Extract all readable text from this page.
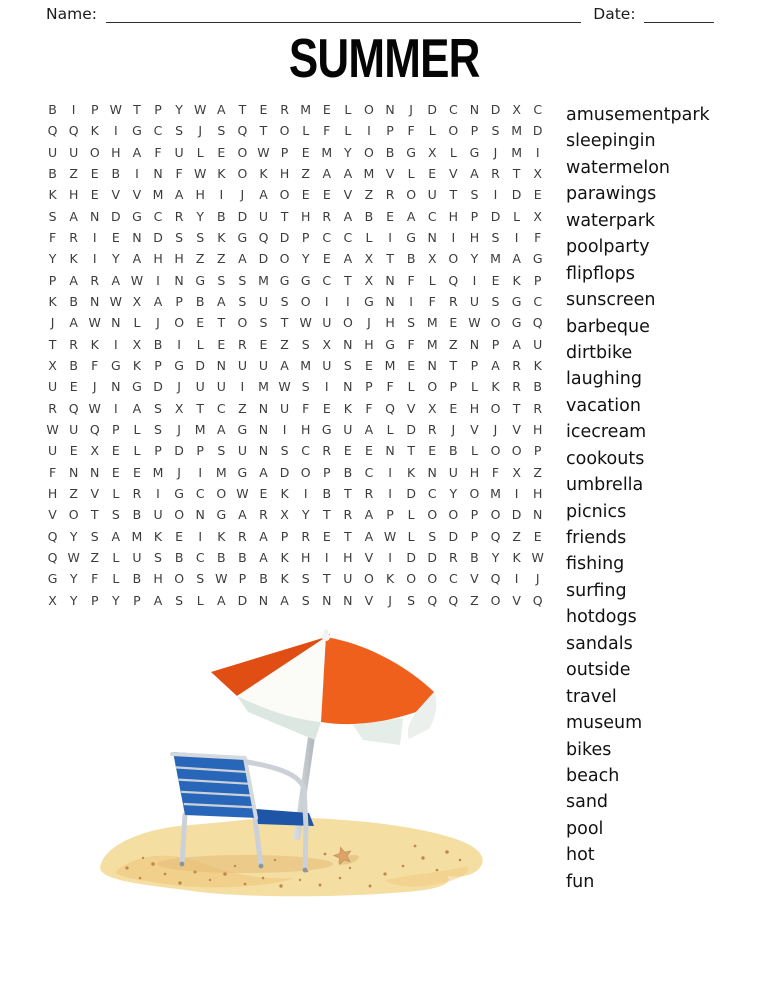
Name:	Date:
SUMMER
B	I	P W T	P	Y W A	T	E	R M E	L	O N	J	D C N D X C
Q Q K	I	G C	S	J	S Q T O	L	F	L	I	P	F	L	O P	S M D
U U O H A	F	U	L	E O W P	E M Y O B G X	L	G	J	M	I
B	Z	E	B	I	N	F W K O K H Z	A	A M V	L	E	V	A R	T	X
K H E	V	V M A H	I	J	A O E	E	V	Z R O U	T	S	I	D E
S	A N D G C R	Y	B D U	T	H R A	B	E	A C H	P	D	L	X
F	R	I	E N D S	S	K G Q D	P	C C	L	I	G N	I	H S	I	F
Y	K	I	Y	A H H Z	Z	A D O Y	E	A	X	T	B	X O Y M A G
P	A R A W	I	N G S	S M G G C	T	X N	F	L	Q	I	E	K	P
K	B N W X	A	P	B	A	S	U	S O	I	I	G N	I	F	R U	S G C
J	A W N	L	J	O E	T O S	T W U O	J	H S M E W O G Q
T	R	K	I	X	B	I	L	E	R	E	Z	S	X N H G	F M Z N	P	A U
X	B	F	G K	P G D N U U A M U	S	E M E N	T	P	A R	K
U	E	J	N G D	J	U U	I	M W S	I	N	P	F	L	O P	L	K	R B
R Q W	I	A	S	X	T	C Z N U	F	E	K	F	Q V	X	E H O T	R
W U Q P	L	S	J	M A G N	I	H G U A	L	D R	J	V	J	V H
U	E	X	E	L	P	D	P	S	U N S	C R	E	E N	T	E	B	L	O O P
F	N N E	E M	J	I	M G A D O P	B C	I	K N U H	F	X	Z
H Z	V	L	R	I	G C O W E	K	I	B	T	R	I	D C	Y O M	I	H
V O T	S	B U O N G A R X	Y	T	R A	P	L	O O P O D N
Q Y	S	A M K	E	I	K	R A	P	R	E	T	A W L	S D	P Q Z	E
Q W Z	L	U	S	B C B	B	A	K H	I	H V	I	D D R B	Y	K W
G Y	F	L	B H O S W P	B	K	S	T	U O K O O C V Q	I	J
X	Y	P	Y	P	A	S	L	A D N A	S N N V	J	S Q Q Z O V Q
amusementpark
sleepingin
watermelon
parawings
waterpark
poolparty
flipflops
sunscreen
barbeque
dirtbike
laughing
vacation
icecream
cookouts
umbrella
picnics
friends
fishing
surfing
hotdogs
sandals
outside
travel
museum
bikes
beach
sand
pool
hot
fun
